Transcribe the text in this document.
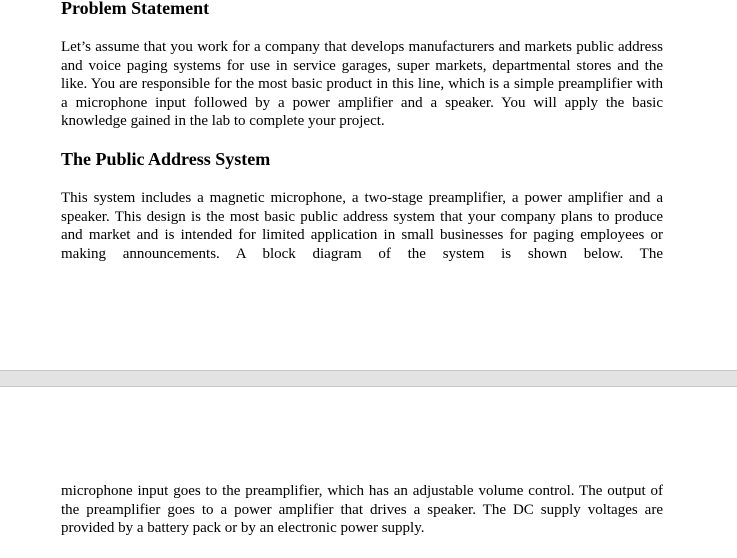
Problem Statement

Let’s assume that you work for a company that develops manufacturers and markets public address and voice paging systems for use in service garages, super markets, departmental stores and the like. You are responsible for the most basic product in this line, which is a simple preamplifier with a microphone input followed by a power amplifier and a speaker. You will apply the basic knowledge gained in the lab to complete your project.

The Public Address System

This system includes a magnetic microphone, a two-stage preamplifier, a power amplifier and a speaker. This design is the most basic public address system that your company plans to produce and market and is intended for limited application in small businesses for paging employees or making announcements. A block diagram of the system is shown below. The

microphone input goes to the preamplifier, which has an adjustable volume control. The output of the preamplifier goes to a power amplifier that drives a speaker. The DC supply voltages are provided by a battery pack or by an electronic power supply.
